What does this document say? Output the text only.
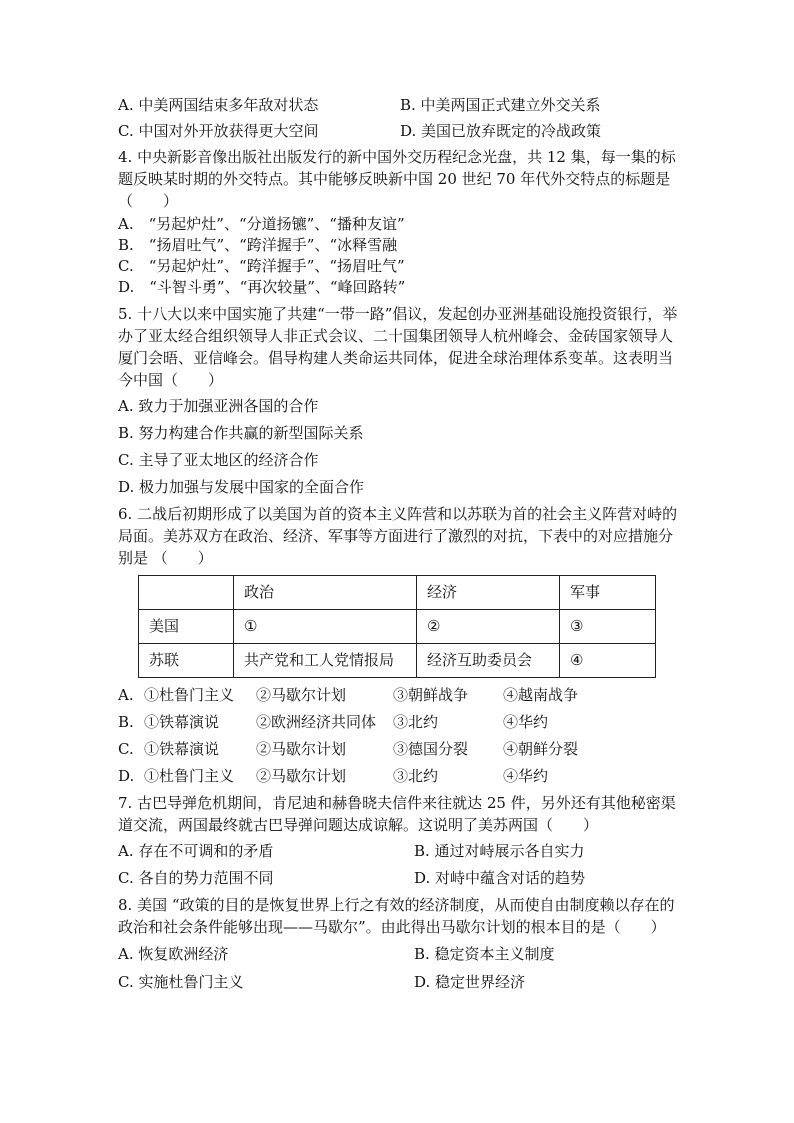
A. 中美两国结束多年敌对状态	B. 中美两国正式建立外交关系
C. 中国对外开放获得更大空间	D. 美国已放弃既定的冷战政策
4. 中央新影音像出版社出版发行的新中国外交历程纪念光盘，共 12 集，每一集的标题反映某时期的外交特点。其中能够反映新中国 20 世纪 70 年代外交特点的标题是（　　）
A.　“另起炉灶”、“分道扬镳”、“播种友谊”
B.　“扬眉吐气”、“跨洋握手”、“冰释雪融
C.　“另起炉灶”、“跨洋握手”、“扬眉吐气”
D.　“斗智斗勇”、“再次较量”、“峰回路转”
5. 十八大以来中国实施了共建“一带一路”倡议，发起创办亚洲基础设施投资银行，举办了亚太经合组织领导人非正式会议、二十国集团领导人杭州峰会、金砖国家领导人厦门会晤、亚信峰会。倡导构建人类命运共同体，促进全球治理体系变革。这表明当今中国（　　）
A. 致力于加强亚洲各国的合作
B. 努力构建合作共赢的新型国际关系
C. 主导了亚太地区的经济合作
D. 极力加强与发展中国家的全面合作
6. 二战后初期形成了以美国为首的资本主义阵营和以苏联为首的社会主义阵营对峙的局面。美苏双方在政治、经济、军事等方面进行了激烈的对抗，下表中的对应措施分别是 （　　）
	政治	经济	军事
美国	①	②	③
苏联	共产党和工人党情报局	经济互助委员会	④
A. ①杜鲁门主义	②马歇尔计划	③朝鲜战争	④越南战争
B. ①铁幕演说	②欧洲经济共同体	③北约	④华约
C. ①铁幕演说	②马歇尔计划	③德国分裂	④朝鲜分裂
D. ①杜鲁门主义	②马歇尔计划	③北约	④华约
7. 古巴导弹危机期间，肯尼迪和赫鲁晓夫信件来往就达 25 件，另外还有其他秘密渠道交流，两国最终就古巴导弹问题达成谅解。这说明了美苏两国（　　）
A. 存在不可调和的矛盾	B. 通过对峙展示各自实力
C. 各自的势力范围不同	D. 对峙中蕴含对话的趋势
8. 美国 “政策的目的是恢复世界上行之有效的经济制度，从而使自由制度赖以存在的政治和社会条件能够出现——马歇尔”。由此得出马歇尔计划的根本目的是（　　）
A. 恢复欧洲经济	B. 稳定资本主义制度
C. 实施杜鲁门主义	D. 稳定世界经济
